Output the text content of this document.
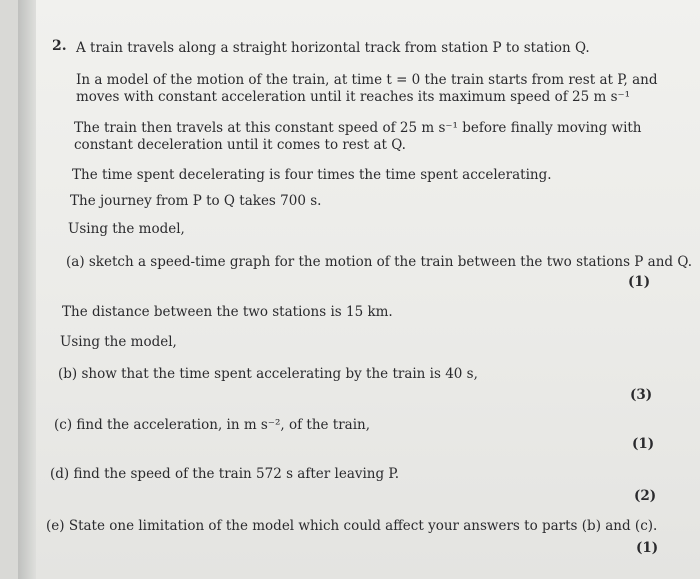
2. A train travels along a straight horizontal track from station P to station Q.
In a model of the motion of the train, at time t = 0 the train starts from rest at P, and
moves with constant acceleration until it reaches its maximum speed of 25 m s⁻¹
The train then travels at this constant speed of 25 m s⁻¹ before finally moving with
constant deceleration until it comes to rest at Q.
The time spent decelerating is four times the time spent accelerating.
The journey from P to Q takes 700 s.
Using the model,
(a) sketch a speed-time graph for the motion of the train between the two stations P and Q.
(1)
The distance between the two stations is 15 km.
Using the model,
(b) show that the time spent accelerating by the train is 40 s,
(3)
(c) find the acceleration, in m s⁻², of the train,
(1)
(d) find the speed of the train 572 s after leaving P.
(2)
(e) State one limitation of the model which could affect your answers to parts (b) and (c).
(1)
